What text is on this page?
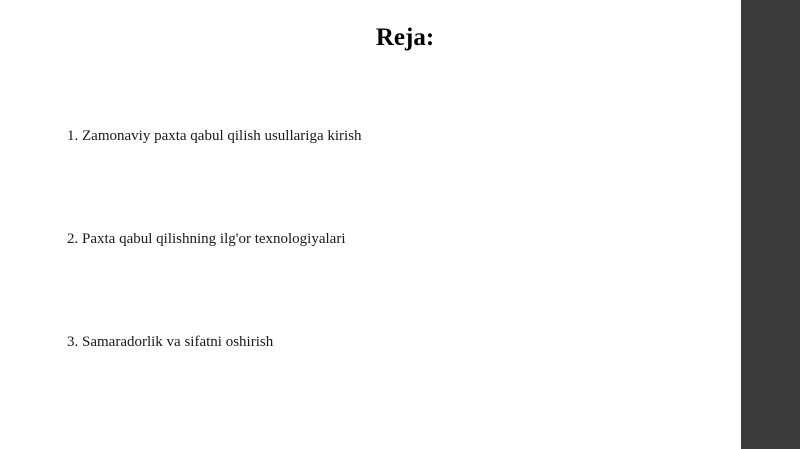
Reja:
1. Zamonaviy paxta qabul qilish usullariga kirish
2. Paxta qabul qilishning ilg'or texnologiyalari
3. Samaradorlik va sifatni oshirish
